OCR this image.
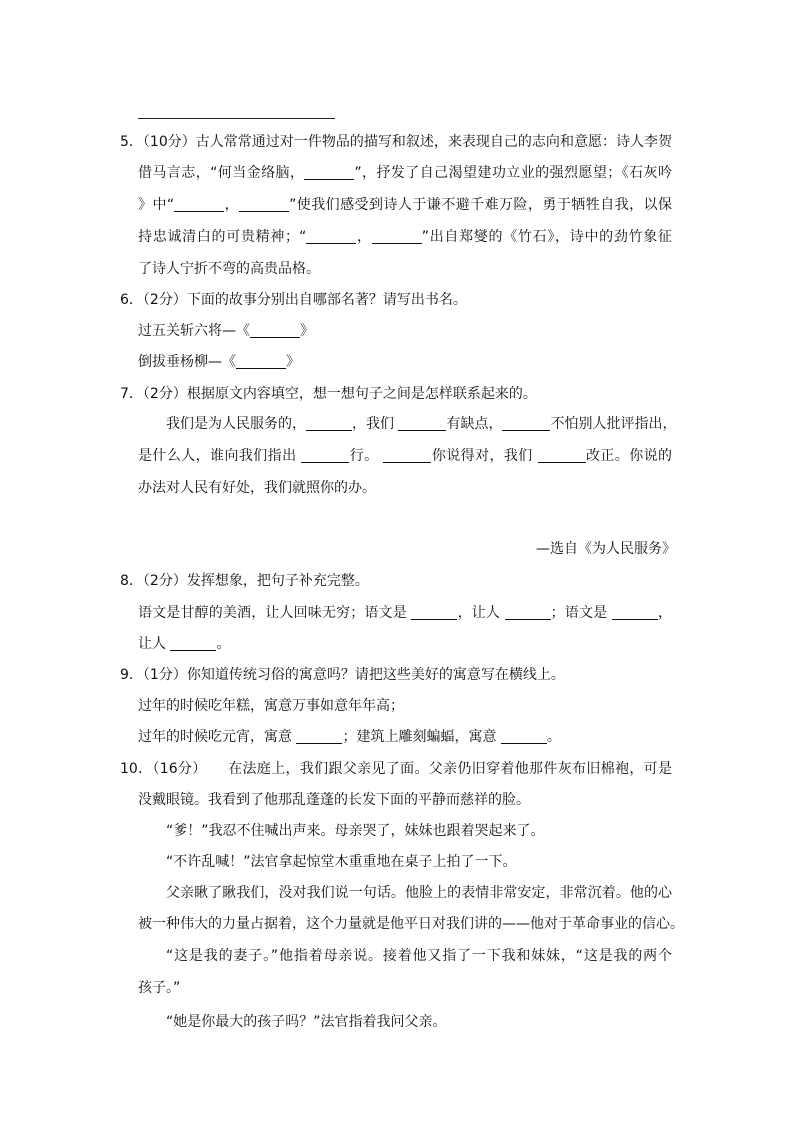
5．（10分）古人常常通过对一件物品的描写和叙述，来表现自己的志向和意愿：诗人李贺
借马言志，“何当金络脑，	”，抒发了自己渴望建功立业的强烈愿望；《石灰吟
》中“	，	”使我们感受到诗人于谦不避千难万险，勇于牺牲自我，以保
持忠诚清白的可贵精神；“	，	”出自郑燮的《竹石》，诗中的劲竹象征
了诗人宁折不弯的高贵品格。
6．（2分）下面的故事分别出自哪部名著？请写出书名。
过五关斩六将—《	》
倒拔垂杨柳—《	》
7．（2分）根据原文内容填空，想一想句子之间是怎样联系起来的。
我们是为人民服务的，	，我们	有缺点，	不怕别人批评指出，
是什么人，谁向我们指出	行。	你说得对，我们	改正。你说的
办法对人民有好处，我们就照你的办。
—选自《为人民服务》
8．（2分）发挥想象，把句子补充完整。
语文是甘醇的美酒，让人回味无穷；语文是	，让人	；语文是	，
让人	。
9．（1分）你知道传统习俗的寓意吗？请把这些美好的寓意写在横线上。
过年的时候吃年糕，寓意万事如意年年高；
过年的时候吃元宵，寓意	；建筑上雕刻蝙蝠，寓意	。
10．（16分）　　在法庭上，我们跟父亲见了面。父亲仍旧穿着他那件灰布旧棉袍，可是
没戴眼镜。我看到了他那乱蓬蓬的长发下面的平静而慈祥的脸。
“爹！”我忍不住喊出声来。母亲哭了，妹妹也跟着哭起来了。
“不许乱喊！”法官拿起惊堂木重重地在桌子上拍了一下。
父亲瞅了瞅我们，没对我们说一句话。他脸上的表情非常安定，非常沉着。他的心
被一种伟大的力量占据着，这个力量就是他平日对我们讲的——他对于革命事业的信心。
“这是我的妻子。”他指着母亲说。接着他又指了一下我和妹妹，“这是我的两个
孩子。”
“她是你最大的孩子吗？”法官指着我问父亲。
